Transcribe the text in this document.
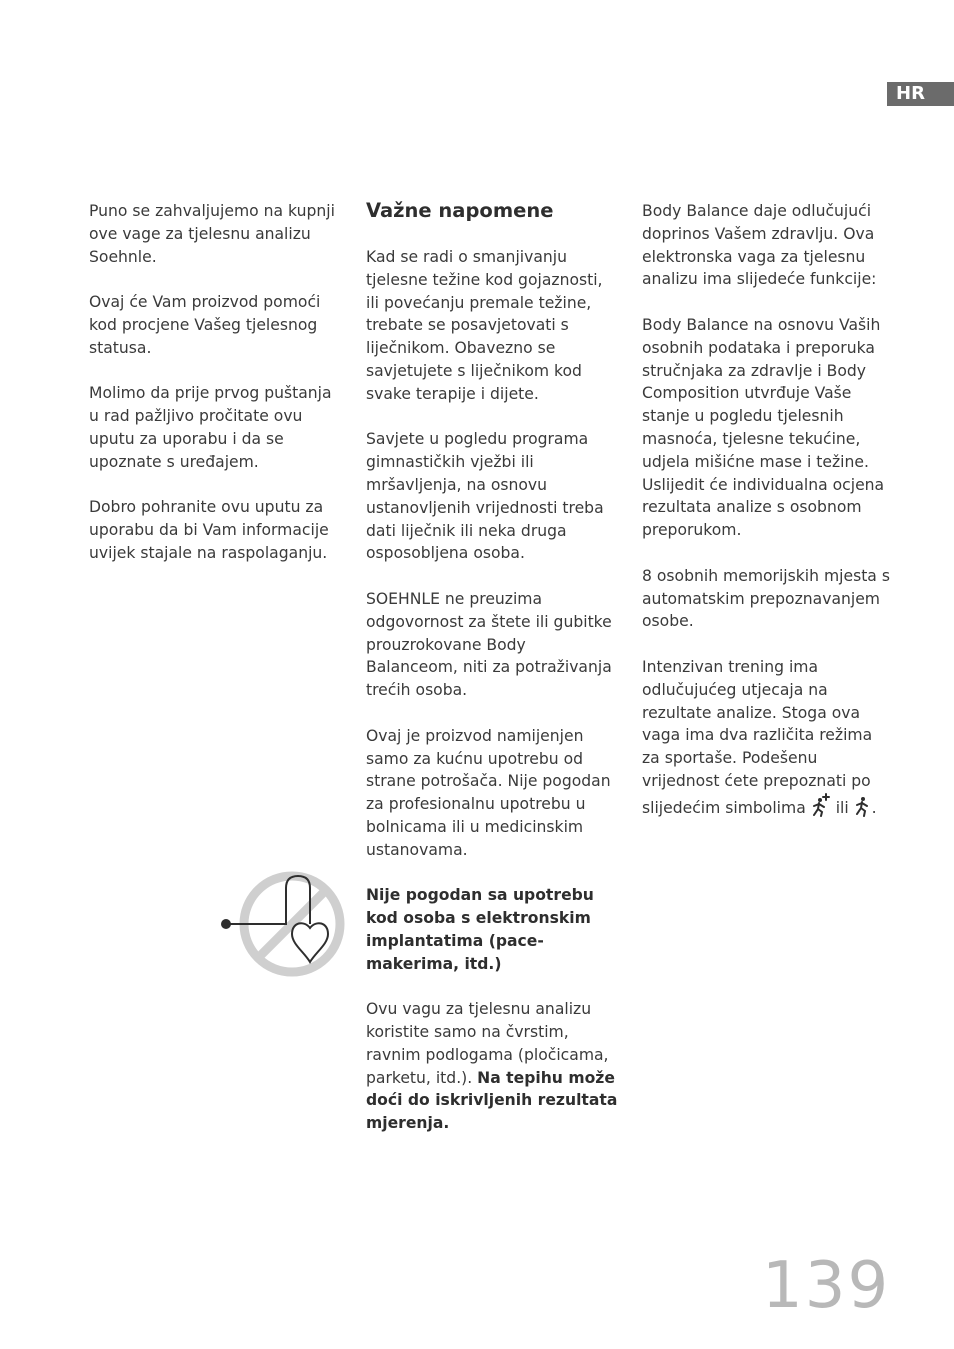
HR

Puno se zahvaljujemo na kupnji ove vage za tjelesnu analizu Soehnle.

Ovaj će Vam proizvod pomoći kod procjene Vašeg tjelesnog statusa.

Molimo da prije prvog puštanja u rad pažljivo pročitate ovu uputu za uporabu i da se upoznate s uređajem.

Dobro pohranite ovu uputu za uporabu da bi Vam informacije uvijek stajale na raspolaganju.

Važne napomene

Kad se radi o smanjivanju tjelesne težine kod gojaznosti, ili povećanju premale težine, trebate se posavjetovati s liječnikom. Obavezno se savjetujete s liječnikom kod svake terapije i dijete.

Savjete u pogledu programa gimnastičkih vježbi ili mršavljenja, na osnovu ustanovljenih vrijednosti treba dati liječnik ili neka druga osposobljena osoba.

SOEHNLE ne preuzima odgovornost za štete ili gubitke prouzrokovane Body Balanceom, niti za potraživanja trećih osoba.

Ovaj je proizvod namijenjen samo za kućnu upotrebu od strane potrošača. Nije pogodan za profesionalnu upotrebu u bolnicama ili u medicinskim ustanovama.

Nije pogodan sa upotrebu kod osoba s elektronskim implantatima (pace-makerima, itd.)

Ovu vagu za tjelesnu analizu koristite samo na čvrstim, ravnim podlogama (pločicama, parketu, itd.). Na tepihu može doći do iskrivljenih rezultata mjerenja.

Body Balance daje odlučujući doprinos Vašem zdravlju. Ova elektronska vaga za tjelesnu analizu ima slijedeće funkcije:

Body Balance na osnovu Vaših osobnih podataka i preporuka stručnjaka za zdravlje i Body Composition utvrđuje Vaše stanje u pogledu tjelesnih masnoća, tjelesne tekućine, udjela mišićne mase i težine. Uslijedit će individualna ocjena rezultata analize s osobnom preporukom.

8 osobnih memorijskih mjesta s automatskim prepoznavanjem osobe.

Intenzivan trening ima odlučujućeg utjecaja na rezultate analize. Stoga ova vaga ima dva različita režima za sportaše. Podešenu vrijednost ćete prepoznati po slijedećim simbolima  ili .

139
